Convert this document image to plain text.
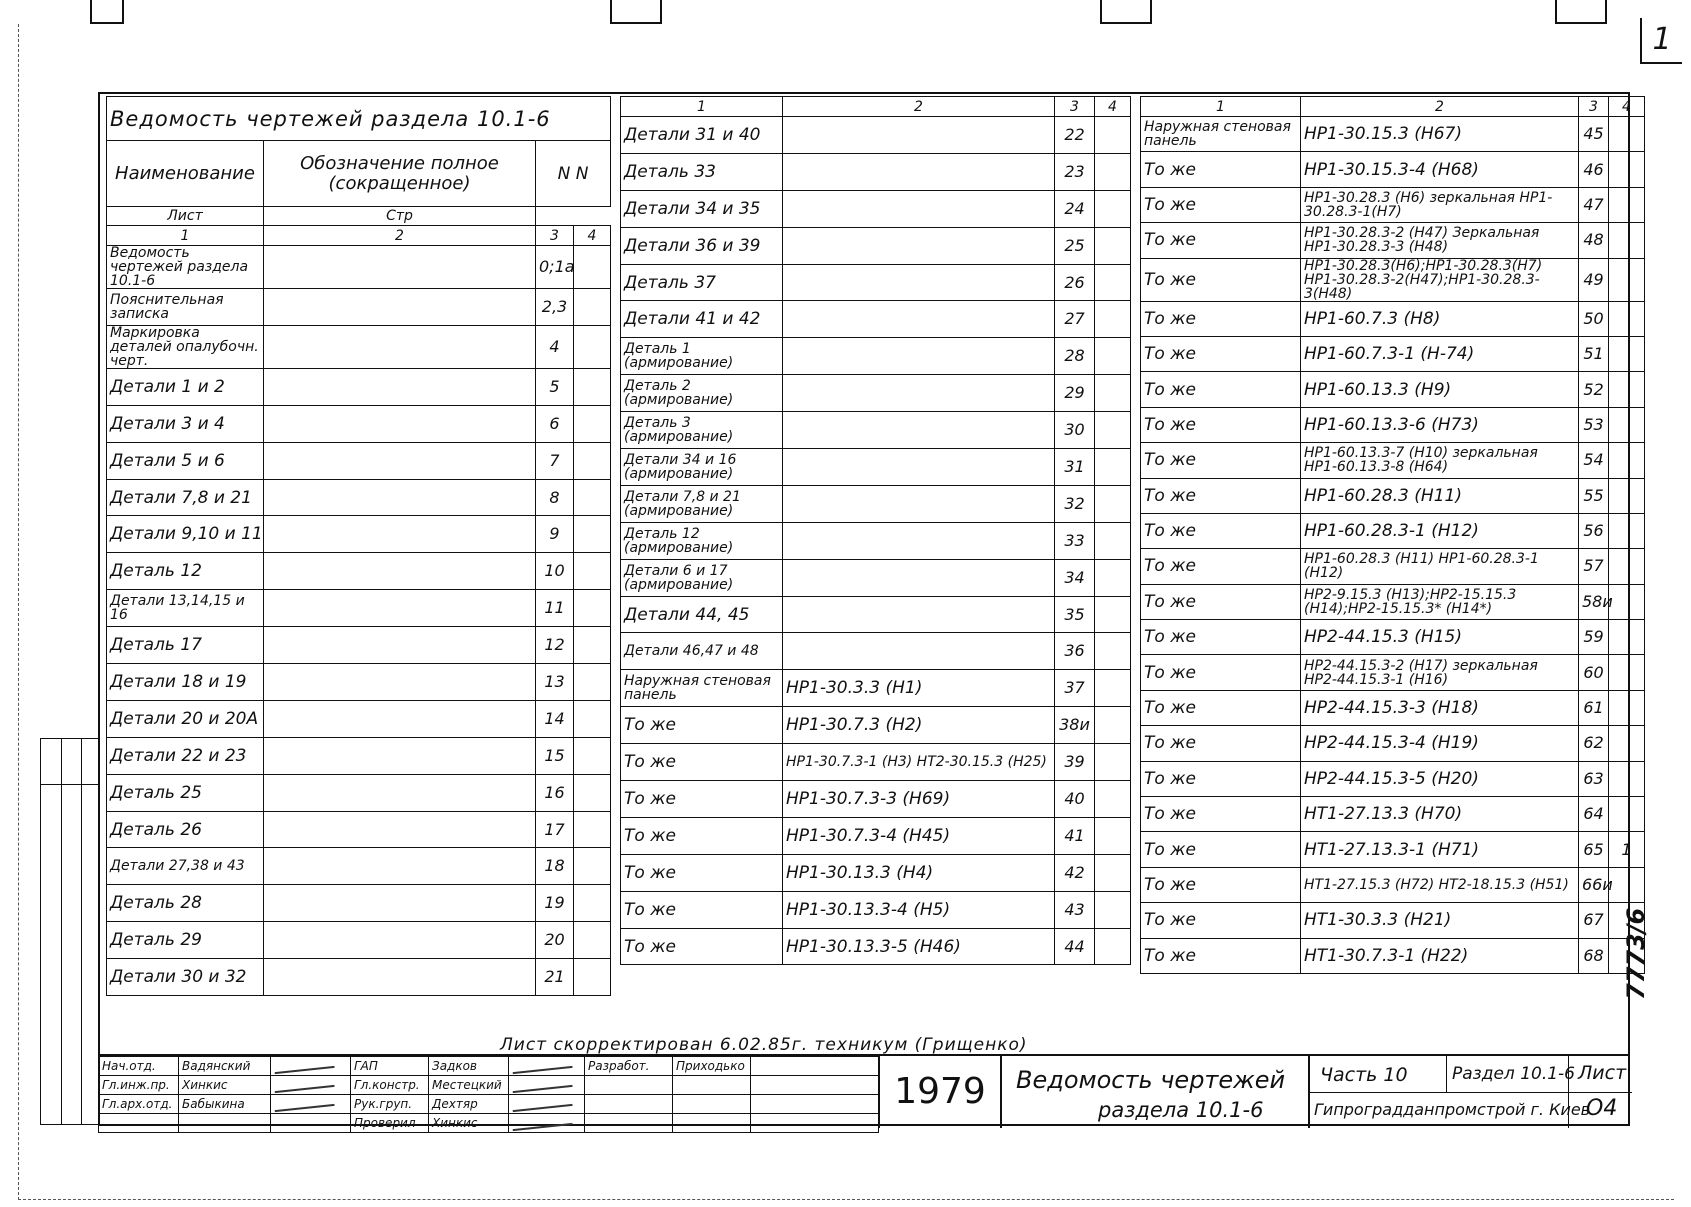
1
Ведомость чертежей раздела 10.1-6			
Наименование	Обозначение полное (сокращенное)	N N	

Лист	Стр		
1	2	3	4
Ведомость чертежей раздела 10.1-6		0;1а	
Пояснительная записка		2,3	
Маркировка деталей опалубочн. черт.		4	
Детали 1 и 2		5	
Детали 3 и 4		6	
Детали 5 и 6		7	
Детали 7,8 и 21		8	
Детали 9,10 и 11		9	
Деталь 12		10	
Детали 13,14,15 и 16		11	
Деталь 17		12	
Детали 18 и 19		13	
Детали 20 и 20А		14	
Детали 22 и 23		15	
Деталь 25		16	
Деталь 26		17	
Детали 27,38 и 43		18	
Деталь 28		19	
Деталь 29		20	
Детали 30 и 32		21	
1	2	3	4
Детали 31 и 40		22	
Деталь 33		23	
Детали 34 и 35		24	
Детали 36 и 39		25	
Деталь 37		26	
Детали 41 и 42		27	
Деталь 1 (армирование)		28	
Деталь 2 (армирование)		29	
Деталь 3 (армирование)		30	
Детали 34 и 16 (армирование)		31	
Детали 7,8 и 21 (армирование)		32	
Деталь 12 (армирование)		33	
Детали 6 и 17 (армирование)		34	
Детали 44, 45		35	
Детали 46,47 и 48		36	
Наружная стеновая панель	НР1-30.3.3 (Н1)	37	
То же	НР1-30.7.3 (Н2)	38и	
То же	НР1-30.7.3-1 (Н3) НТ2-30.15.3 (Н25)	39	
То же	НР1-30.7.3-3 (Н69)	40	
То же	НР1-30.7.3-4 (Н45)	41	
То же	НР1-30.13.3 (Н4)	42	
То же	НР1-30.13.3-4 (Н5)	43	
То же	НР1-30.13.3-5 (Н46)	44	
1	2	3	4
Наружная стеновая панель	НР1-30.15.3 (Н67)	45	
То же	НР1-30.15.3-4 (Н68)	46	
То же	НР1-30.28.3 (Н6) зеркальная НР1-30.28.3-1(Н7)	47	
То же	НР1-30.28.3-2 (Н47) Зеркальная НР1-30.28.3-3 (Н48)	48	
То же	НР1-30.28.3(Н6);НР1-30.28.3(Н7) НР1-30.28.3-2(Н47);НР1-30.28.3-3(Н48)	49	
То же	НР1-60.7.3 (Н8)	50	
То же	НР1-60.7.3-1 (Н-74)	51	
То же	НР1-60.13.3 (Н9)	52	
То же	НР1-60.13.3-6 (Н73)	53	
То же	НР1-60.13.3-7 (Н10) зеркальная НР1-60.13.3-8 (Н64)	54	
То же	НР1-60.28.3 (Н11)	55	
То же	НР1-60.28.3-1 (Н12)	56	
То же	НР1-60.28.3 (Н11) НР1-60.28.3-1 (Н12)	57	
То же	НР2-9.15.3 (Н13);НР2-15.15.3 (Н14);НР2-15.15.3* (Н14*)	58и	
То же	НР2-44.15.3 (Н15)	59	
То же	НР2-44.15.3-2 (Н17) зеркальная НР2-44.15.3-1 (Н16)	60	
То же	НР2-44.15.3-3 (Н18)	61	
То же	НР2-44.15.3-4 (Н19)	62	
То же	НР2-44.15.3-5 (Н20)	63	
То же	НТ1-27.13.3 (Н70)	64	
То же	НТ1-27.13.3-1 (Н71)	65	1
То же	НТ1-27.15.3 (Н72) НТ2-18.15.3 (Н51)	66и	
То же	НТ1-30.3.3 (Н21)	67	
То же	НТ1-30.7.3-1 (Н22)	68	
Лист скорректирован 6.02.85г. техникум (Грищенко)
7773/6
Нач.отд.	Вадянский		ГАП	Задков		Разработ.	Приходько	
Гл.инж.пр.	Хинкис		Гл.констр.	Местецкий				
Гл.арх.отд.	Бабыкина		Рук.груп.	Дехтяр				
			Проверил	Хинкис				
1979	Ведомость чертежей
раздела 10.1-6
Часть 10	Раздел 10.1-6 Лист
О4
Гипроградданпромстрой г. Киев
